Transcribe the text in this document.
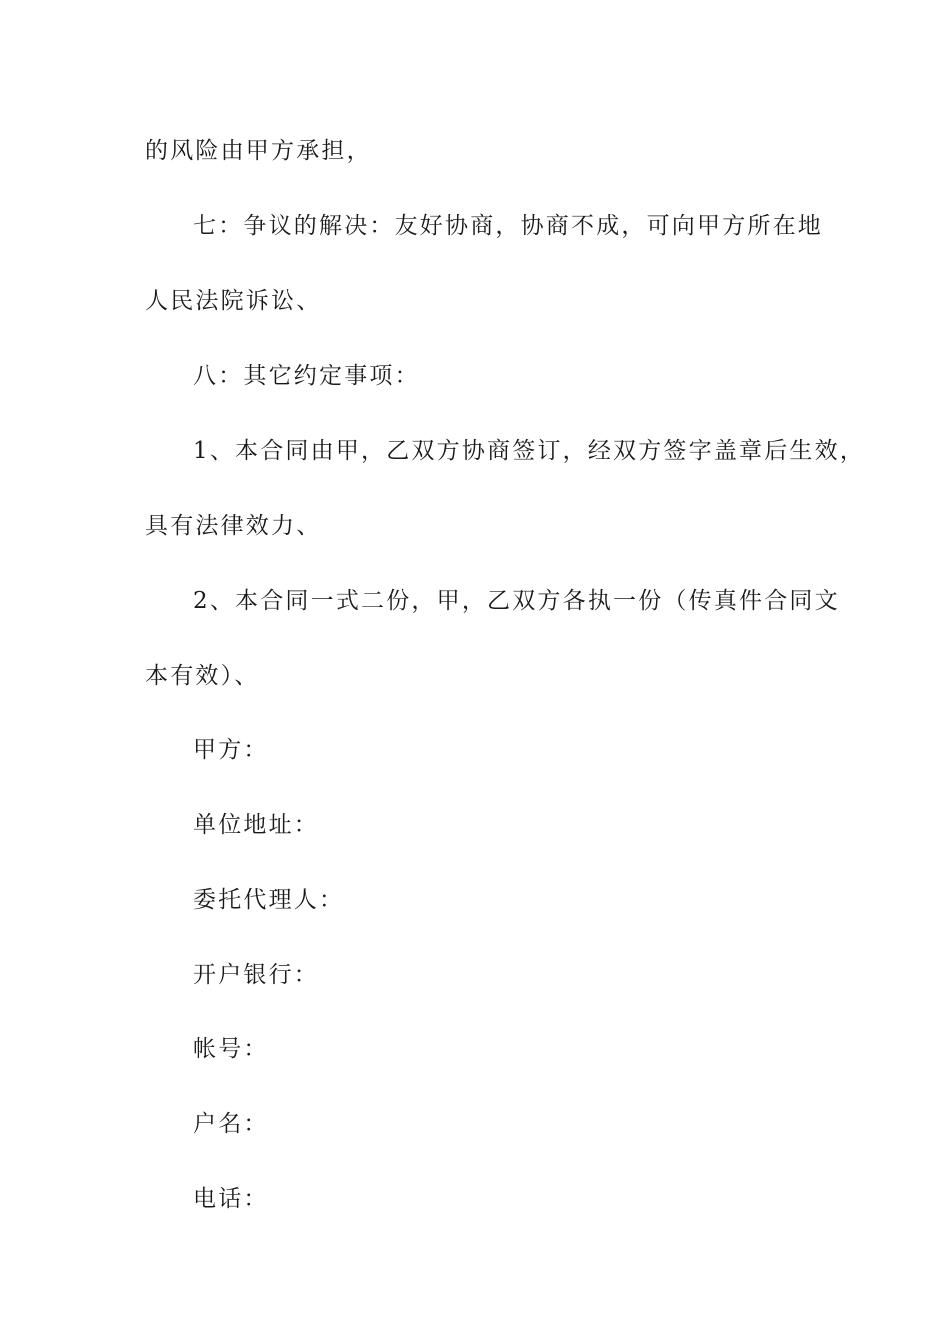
的风险由甲方承担，
七：争议的解决：友好协商，协商不成，可向甲方所在地
人民法院诉讼、
八：其它约定事项：
1、本合同由甲，乙双方协商签订，经双方签字盖章后生效，
具有法律效力、
2、本合同一式二份，甲，乙双方各执一份（传真件合同文
本有效）、
甲方：
单位地址：
委托代理人：
开户银行：
帐号：
户名：
电话：
